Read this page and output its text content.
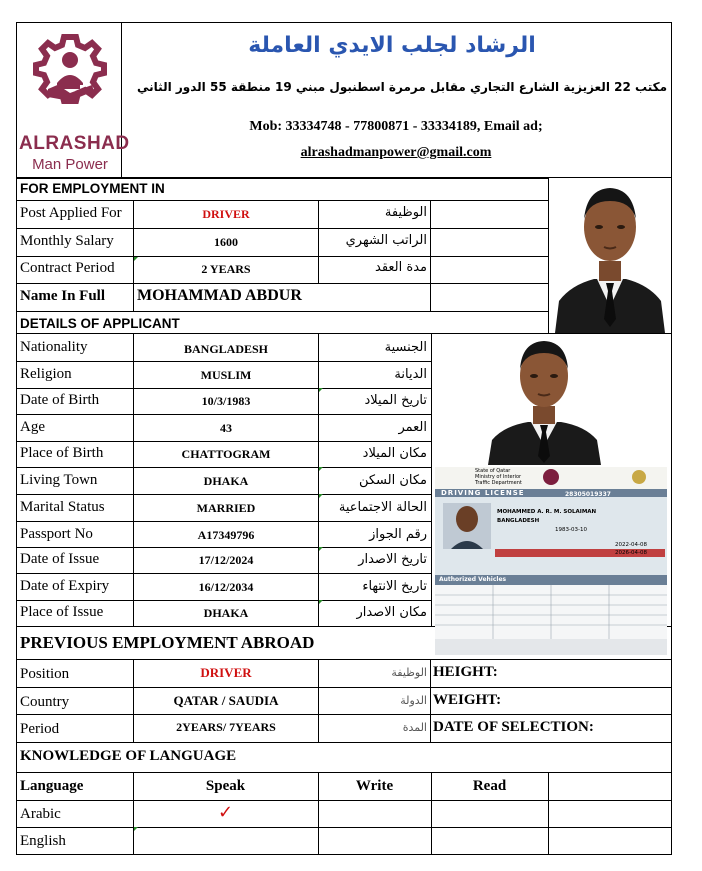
ALRASHAD
Man Power
الرشاد لجلب الايدي العاملة
مكتب 22 العزيزية الشارع التجاري مقابل مرمرة اسطنبول مبني 19 منطقة 55 الدور الثاني
Mob: 33334748 - 77800871 - 33334189, Email ad;
alrashadmanpower@gmail.com
FOR EMPLOYMENT IN
Post Applied For	DRIVER	الوظيفة
Monthly Salary	1600	الراتب الشهري
Contract Period	2 YEARS	مدة العقد
Name In Full MOHAMMAD ABDUR
DETAILS OF APPLICANT
Nationality	BANGLADESH	الجنسية
Religion	MUSLIM	الديانة
Date of Birth	10/3/1983	تاريخ الميلاد
Age	43	العمر
Place of Birth	CHATTOGRAM	مكان الميلاد
Living Town	DHAKA	مكان السكن
Marital Status	MARRIED	الحالة الاجتماعية
Passport No	A17349796	رقم الجواز
Date of Issue	17/12/2024	تاريخ الاصدار
Date of Expiry	16/12/2034	تاريخ الانتهاء
Place of Issue	DHAKA	مكان الاصدار
State of Qatar
Ministry of Interior
Traffic Department
DRIVING LICENSE	28305019337
MOHAMMED A. R. M. SOLAIMAN
BANGLADESH
1983-03-10
2022-04-08
2026-04-08
Authorized Vehicles
PREVIOUS EMPLOYMENT ABROAD
Position	DRIVER	الوظيفة HEIGHT:
Country	QATAR / SAUDIA	الدولة WEIGHT:
Period	2YEARS/ 7YEARS	المدة DATE OF SELECTION:
KNOWLEDGE OF LANGUAGE
Language	Speak	Write	Read
Arabic	✓
English
